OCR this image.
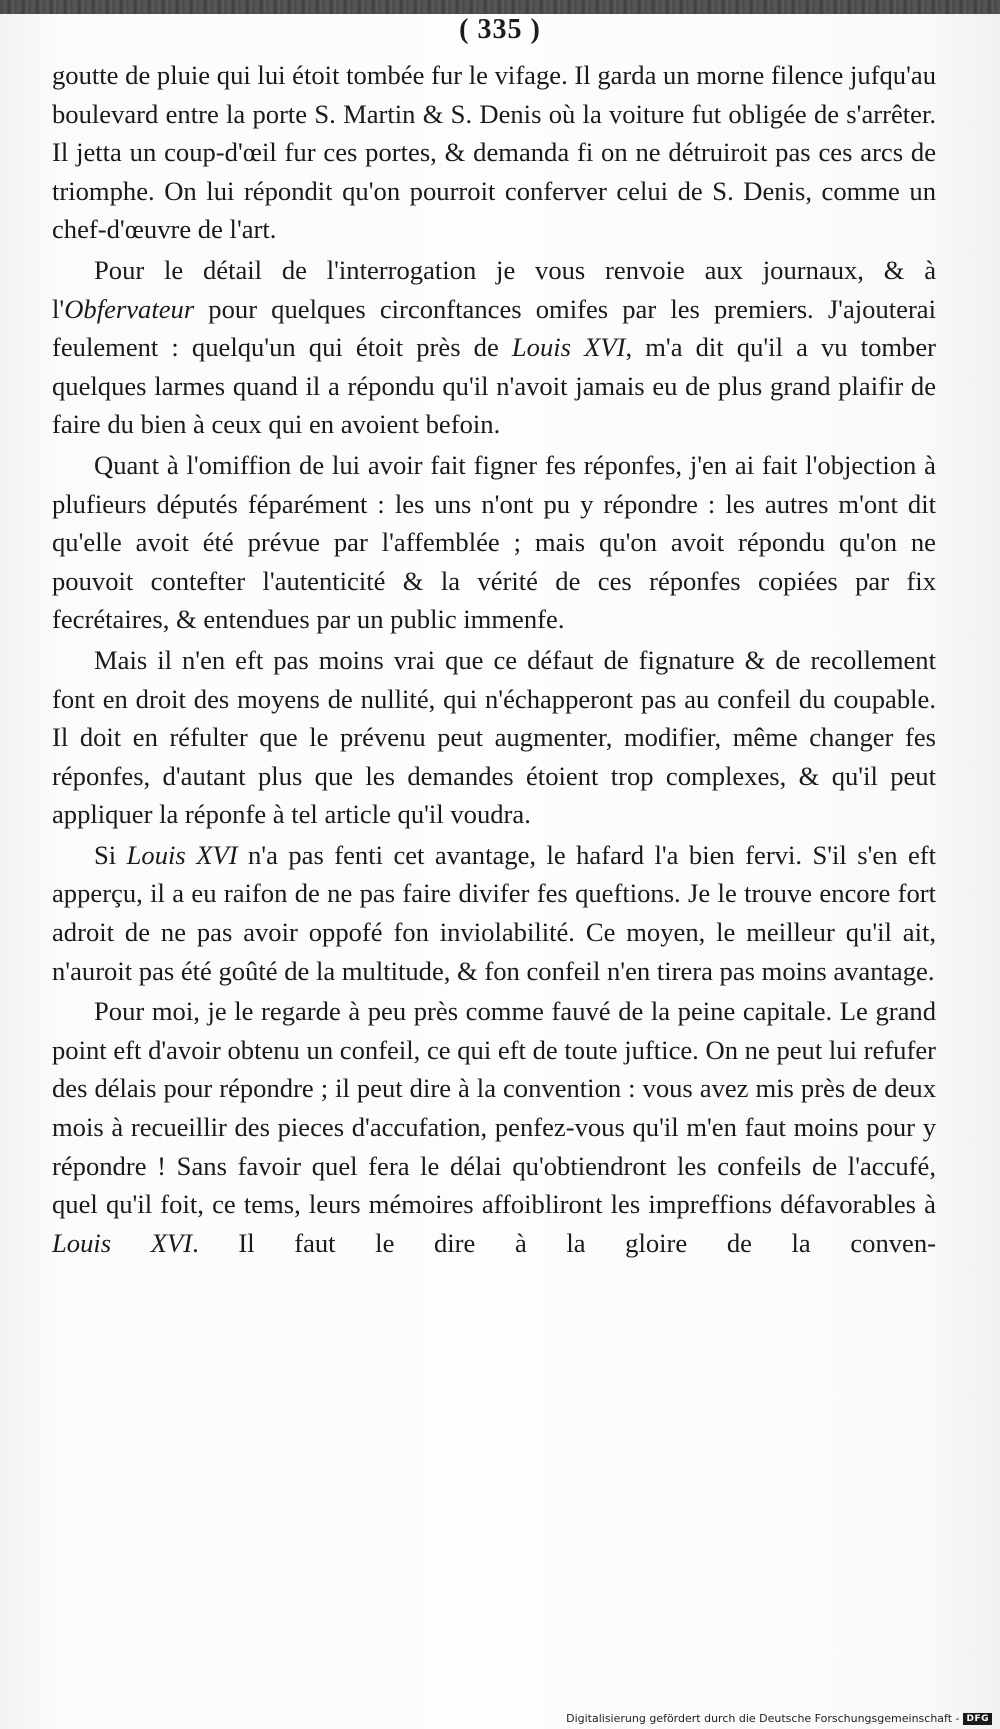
( 335 )

goutte de pluie qui lui étoit tombée fur le vifage. Il garda un morne filence jufqu'au boulevard entre la porte S. Martin & S. Denis où la voiture fut obligée de s'arrêter. Il jetta un coup-d'œil fur ces portes, & demanda fi on ne détruiroit pas ces arcs de triomphe. On lui répondit qu'on pourroit conferver celui de S. Denis, comme un chef-d'œuvre de l'art.

Pour le détail de l'interrogation je vous renvoie aux journaux, & à l'Obfervateur pour quelques circonftances omifes par les premiers. J'ajouterai feulement : quelqu'un qui étoit près de Louis XVI, m'a dit qu'il a vu tomber quelques larmes quand il a répondu qu'il n'avoit jamais eu de plus grand plaifir de faire du bien à ceux qui en avoient befoin.

Quant à l'omiffion de lui avoir fait figner fes réponfes, j'en ai fait l'objection à plufieurs députés féparément : les uns n'ont pu y répondre : les autres m'ont dit qu'elle avoit été prévue par l'affemblée ; mais qu'on avoit répondu qu'on ne pouvoit contefter l'autenticité & la vérité de ces réponfes copiées par fix fecrétaires, & entendues par un public immenfe.

Mais il n'en eft pas moins vrai que ce défaut de fignature & de recollement font en droit des moyens de nullité, qui n'échapperont pas au confeil du coupable. Il doit en réfulter que le prévenu peut augmenter, modifier, même changer fes réponfes, d'autant plus que les demandes étoient trop complexes, & qu'il peut appliquer la réponfe à tel article qu'il voudra.

Si Louis XVI n'a pas fenti cet avantage, le hafard l'a bien fervi. S'il s'en eft apperçu, il a eu raifon de ne pas faire divifer fes queftions. Je le trouve encore fort adroit de ne pas avoir oppofé fon inviolabilité. Ce moyen, le meilleur qu'il ait, n'auroit pas été goûté de la multitude, & fon confeil n'en tirera pas moins avantage.

Pour moi, je le regarde à peu près comme fauvé de la peine capitale. Le grand point eft d'avoir obtenu un confeil, ce qui eft de toute juftice. On ne peut lui refufer des délais pour répondre ; il peut dire à la convention : vous avez mis près de deux mois à recueillir des pieces d'accufation, penfez-vous qu'il m'en faut moins pour y répondre ! Sans favoir quel fera le délai qu'obtiendront les confeils de l'accufé, quel qu'il foit, ce tems, leurs mémoires affoibliront les impreffions défavorables à Louis XVI. Il faut le dire à la gloire de la conven-

Digitalisierung gefördert durch die Deutsche Forschungsgemeinschaft - DFG
